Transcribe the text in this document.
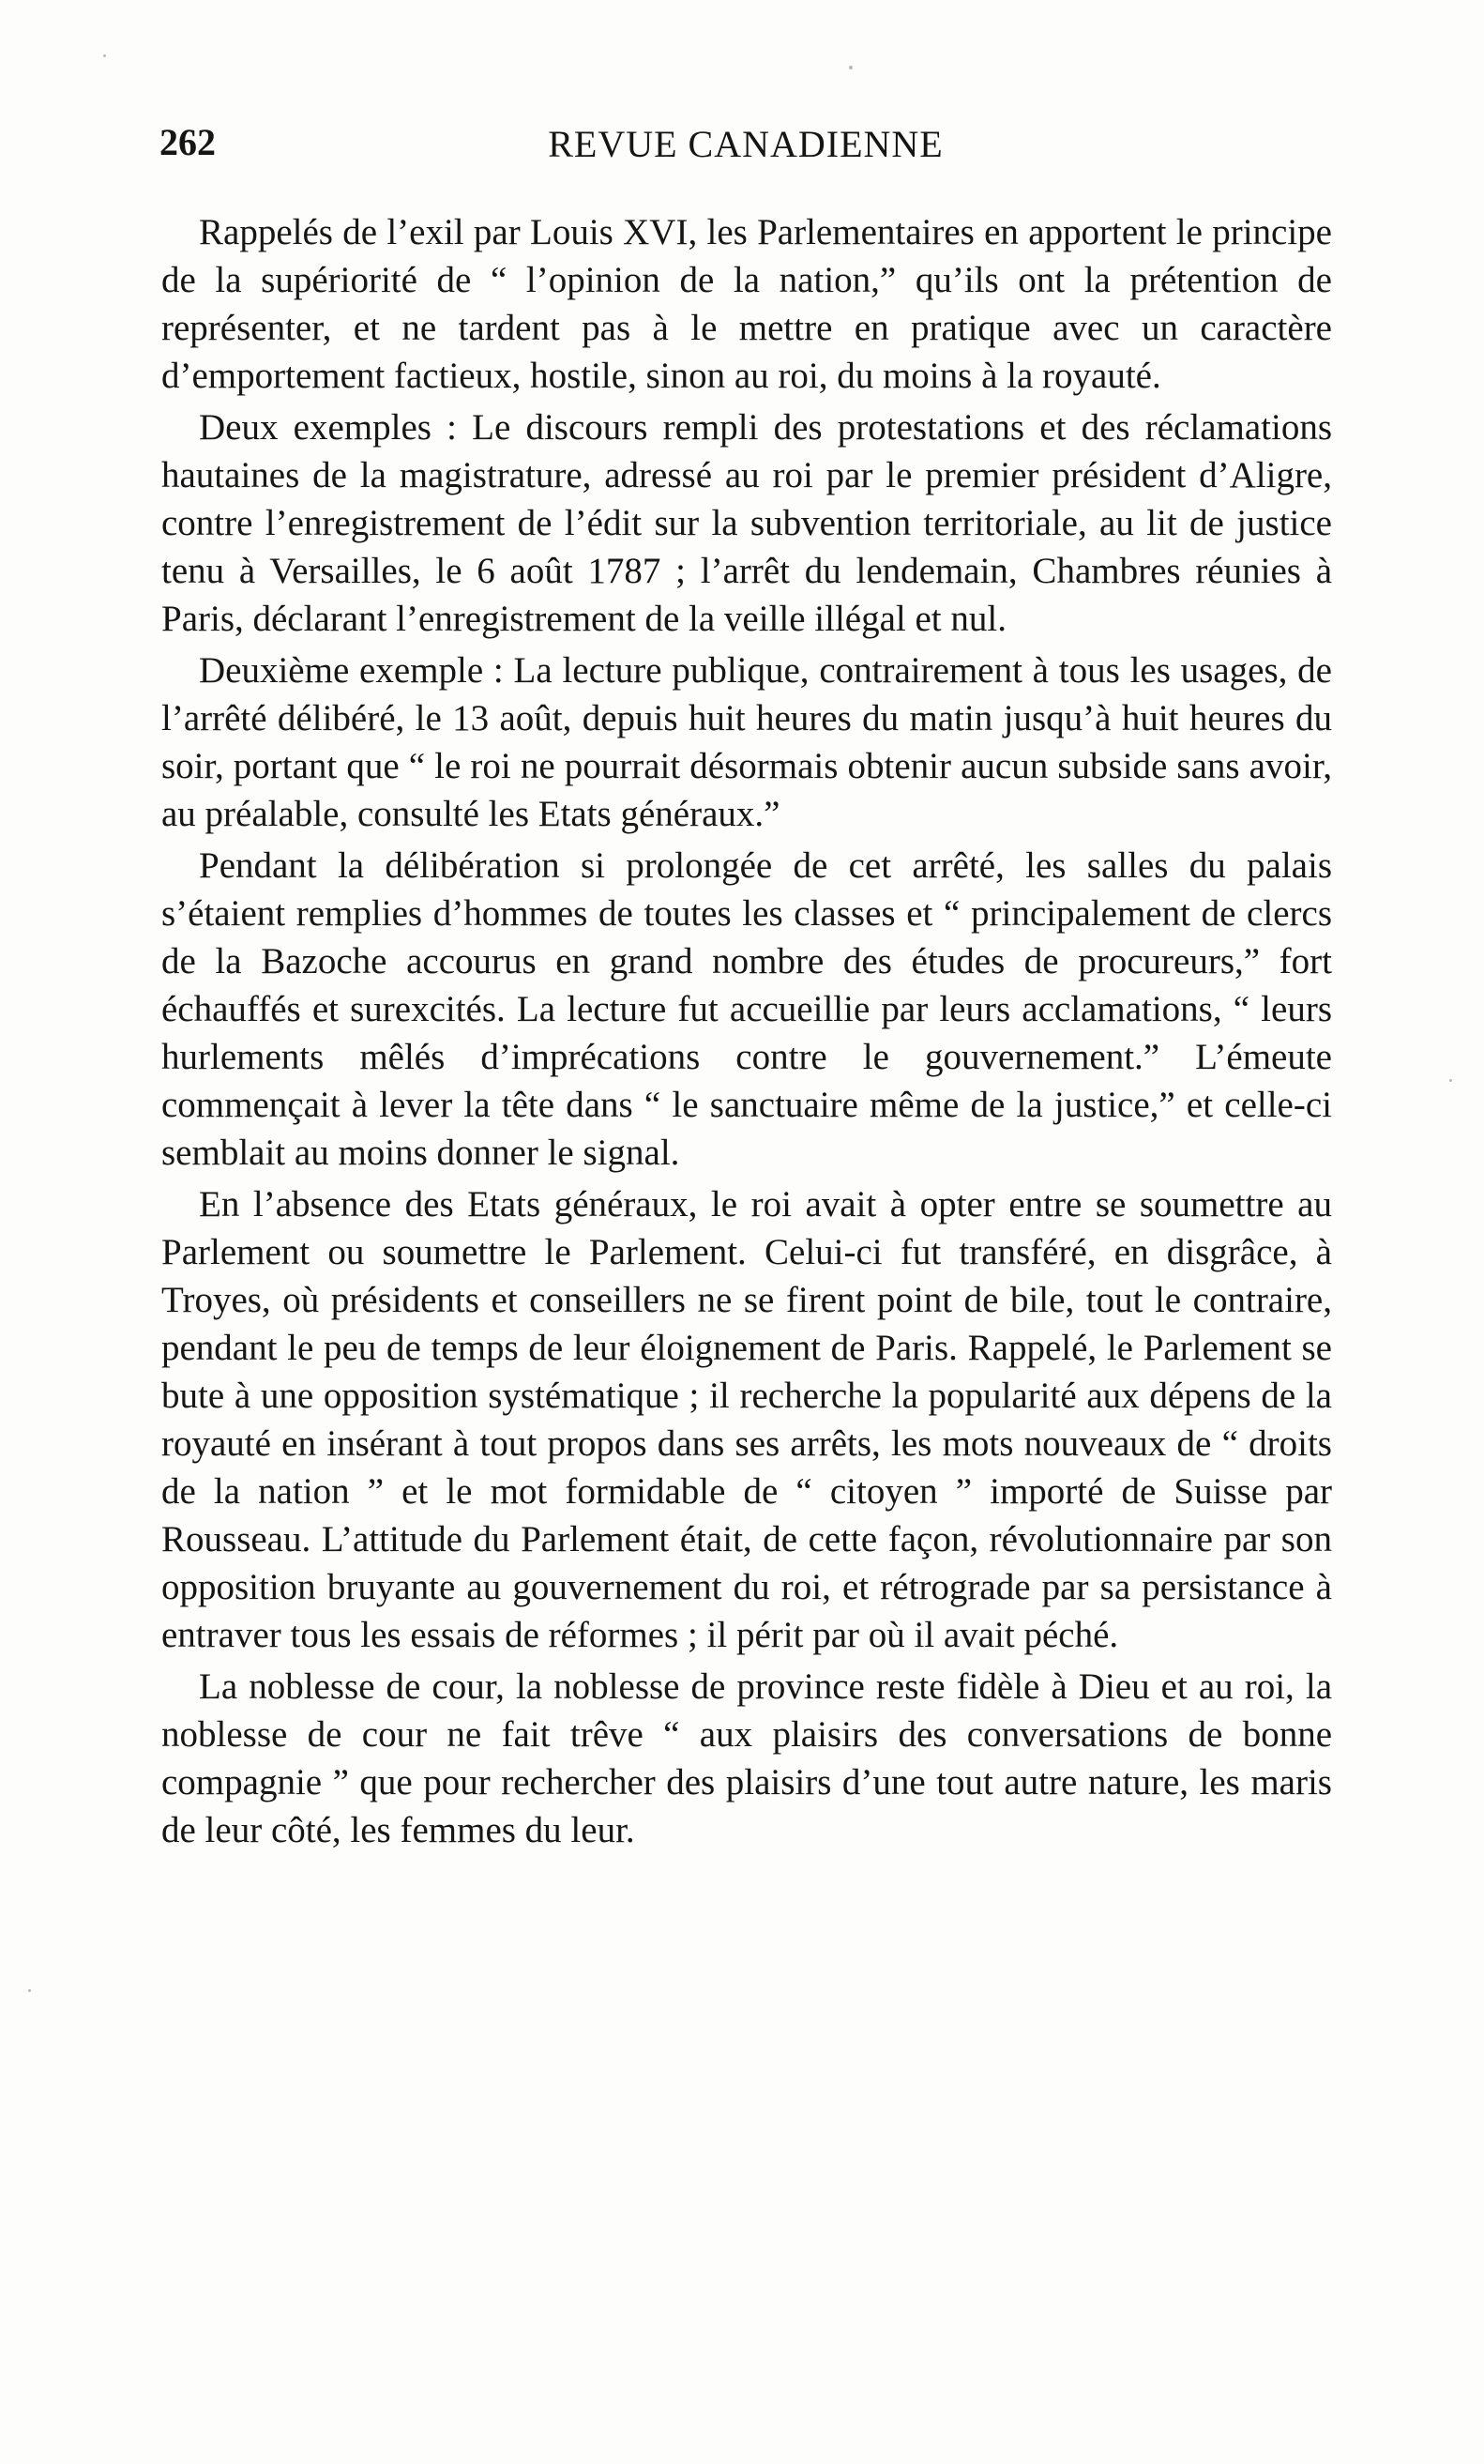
262	REVUE CANADIENNE

Rappelés de l’exil par Louis XVI, les Parlementaires en apportent le principe de la supériorité de “ l’opinion de la nation,” qu’ils ont la prétention de représenter, et ne tardent pas à le mettre en pratique avec un caractère d’emportement factieux, hostile, sinon au roi, du moins à la royauté.

Deux exemples : Le discours rempli des protestations et des réclamations hautaines de la magistrature, adressé au roi par le premier président d’Aligre, contre l’enregistrement de l’édit sur la subvention territoriale, au lit de justice tenu à Versailles, le 6 août 1787 ; l’arrêt du lendemain, Chambres réunies à Paris, déclarant l’enregistrement de la veille illégal et nul.

Deuxième exemple : La lecture publique, contrairement à tous les usages, de l’arrêté délibéré, le 13 août, depuis huit heures du matin jusqu’à huit heures du soir, portant que “ le roi ne pourrait désormais obtenir aucun subside sans avoir, au préalable, consulté les Etats généraux.”

Pendant la délibération si prolongée de cet arrêté, les salles du palais s’étaient remplies d’hommes de toutes les classes et “ principalement de clercs de la Bazoche accourus en grand nombre des études de procureurs,” fort échauffés et surexcités. La lecture fut accueillie par leurs acclamations, “ leurs hurlements mêlés d’imprécations contre le gouvernement.” L’émeute commençait à lever la tête dans “ le sanctuaire même de la justice,” et celle-ci semblait au moins donner le signal.

En l’absence des Etats généraux, le roi avait à opter entre se soumettre au Parlement ou soumettre le Parlement. Celui-ci fut transféré, en disgrâce, à Troyes, où présidents et conseillers ne se firent point de bile, tout le contraire, pendant le peu de temps de leur éloignement de Paris. Rappelé, le Parlement se bute à une opposition systématique ; il recherche la popularité aux dépens de la royauté en insérant à tout propos dans ses arrêts, les mots nouveaux de “ droits de la nation ” et le mot formidable de “ citoyen ” importé de Suisse par Rousseau. L’attitude du Parlement était, de cette façon, révolutionnaire par son opposition bruyante au gouvernement du roi, et rétrograde par sa persistance à entraver tous les essais de réformes ; il périt par où il avait péché.

La noblesse de cour, la noblesse de province reste fidèle à Dieu et au roi, la noblesse de cour ne fait trêve “ aux plaisirs des conversations de bonne compagnie ” que pour rechercher des plaisirs d’une tout autre nature, les maris de leur côté, les femmes du leur.
